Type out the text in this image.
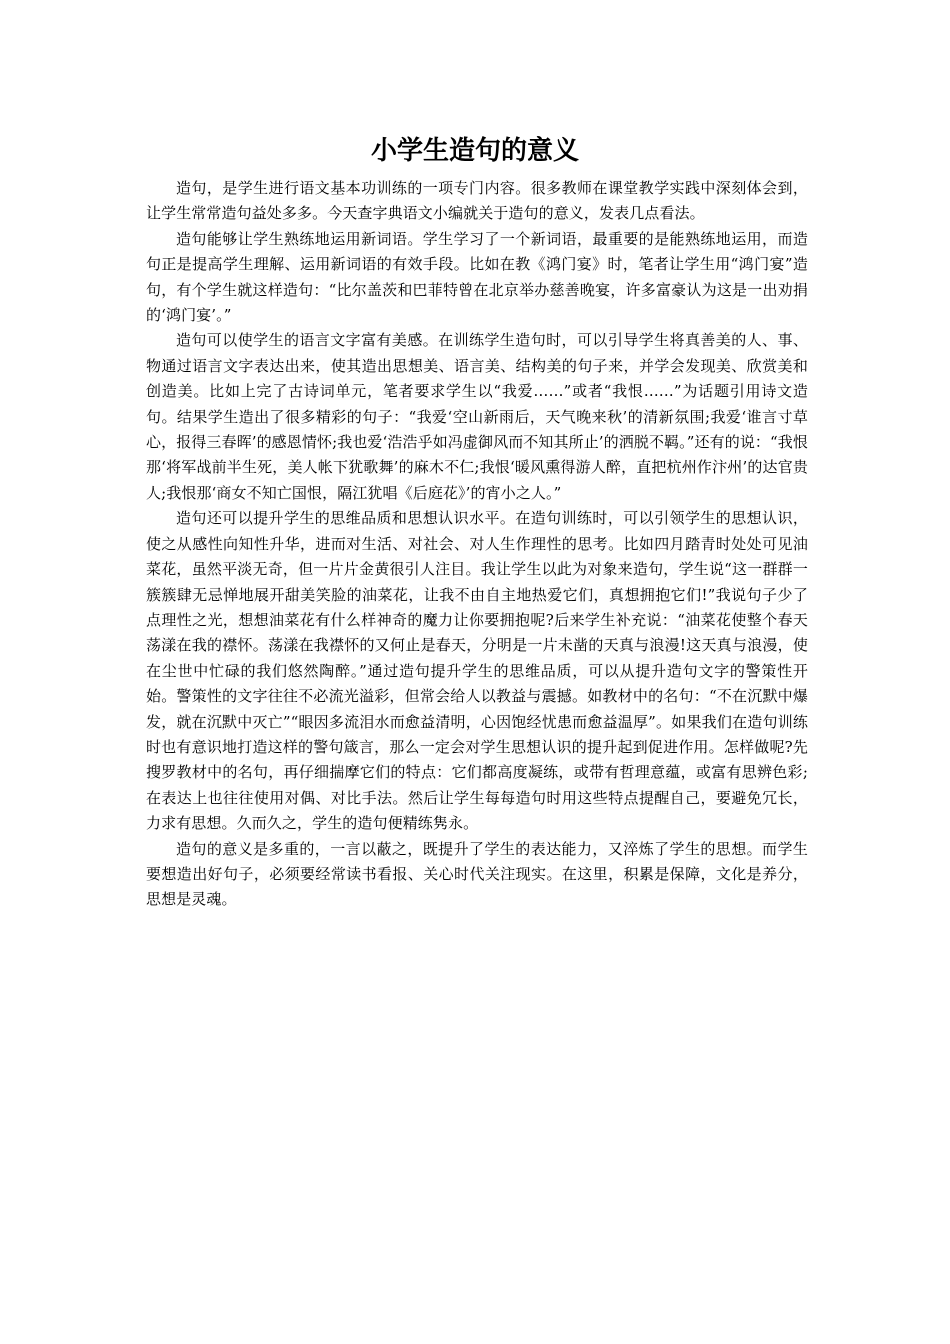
小学生造句的意义

造句，是学生进行语文基本功训练的一项专门内容。很多教师在课堂教学实践中深刻体会到，让学生常常造句益处多多。今天查字典语文小编就关于造句的意义，发表几点看法。

造句能够让学生熟练地运用新词语。学生学习了一个新词语，最重要的是能熟练地运用，而造句正是提高学生理解、运用新词语的有效手段。比如在教《鸿门宴》时，笔者让学生用“鸿门宴”造句，有个学生就这样造句：“比尔盖茨和巴菲特曾在北京举办慈善晚宴，许多富豪认为这是一出劝捐的‘鸿门宴’。”

造句可以使学生的语言文字富有美感。在训练学生造句时，可以引导学生将真善美的人、事、物通过语言文字表达出来，使其造出思想美、语言美、结构美的句子来，并学会发现美、欣赏美和创造美。比如上完了古诗词单元，笔者要求学生以“我爱……”或者“我恨……”为话题引用诗文造句。结果学生造出了很多精彩的句子：“我爱‘空山新雨后，天气晚来秋’的清新氛围;我爱‘谁言寸草心，报得三春晖’的感恩情怀;我也爱‘浩浩乎如冯虚御风而不知其所止’的洒脱不羁。”还有的说：“我恨那‘将军战前半生死，美人帐下犹歌舞’的麻木不仁;我恨‘暖风熏得游人醉，直把杭州作汴州’的达官贵人;我恨那‘商女不知亡国恨，隔江犹唱《后庭花》’的宵小之人。”

造句还可以提升学生的思维品质和思想认识水平。在造句训练时，可以引领学生的思想认识，使之从感性向知性升华，进而对生活、对社会、对人生作理性的思考。比如四月踏青时处处可见油菜花，虽然平淡无奇，但一片片金黄很引人注目。我让学生以此为对象来造句，学生说“这一群群一簇簇肆无忌惮地展开甜美笑脸的油菜花，让我不由自主地热爱它们，真想拥抱它们!”我说句子少了点理性之光，想想油菜花有什么样神奇的魔力让你要拥抱呢?后来学生补充说：“油菜花使整个春天荡漾在我的襟怀。荡漾在我襟怀的又何止是春天，分明是一片未凿的天真与浪漫!这天真与浪漫，使在尘世中忙碌的我们悠然陶醉。”通过造句提升学生的思维品质，可以从提升造句文字的警策性开始。警策性的文字往往不必流光溢彩，但常会给人以教益与震撼。如教材中的名句：“不在沉默中爆发，就在沉默中灭亡”“眼因多流泪水而愈益清明，心因饱经忧患而愈益温厚”。如果我们在造句训练时也有意识地打造这样的警句箴言，那么一定会对学生思想认识的提升起到促进作用。怎样做呢?先搜罗教材中的名句，再仔细揣摩它们的特点：它们都高度凝练，或带有哲理意蕴，或富有思辨色彩;在表达上也往往使用对偶、对比手法。然后让学生每每造句时用这些特点提醒自己，要避免冗长，力求有思想。久而久之，学生的造句便精练隽永。

造句的意义是多重的，一言以蔽之，既提升了学生的表达能力，又淬炼了学生的思想。而学生要想造出好句子，必须要经常读书看报、关心时代关注现实。在这里，积累是保障，文化是养分，思想是灵魂。
